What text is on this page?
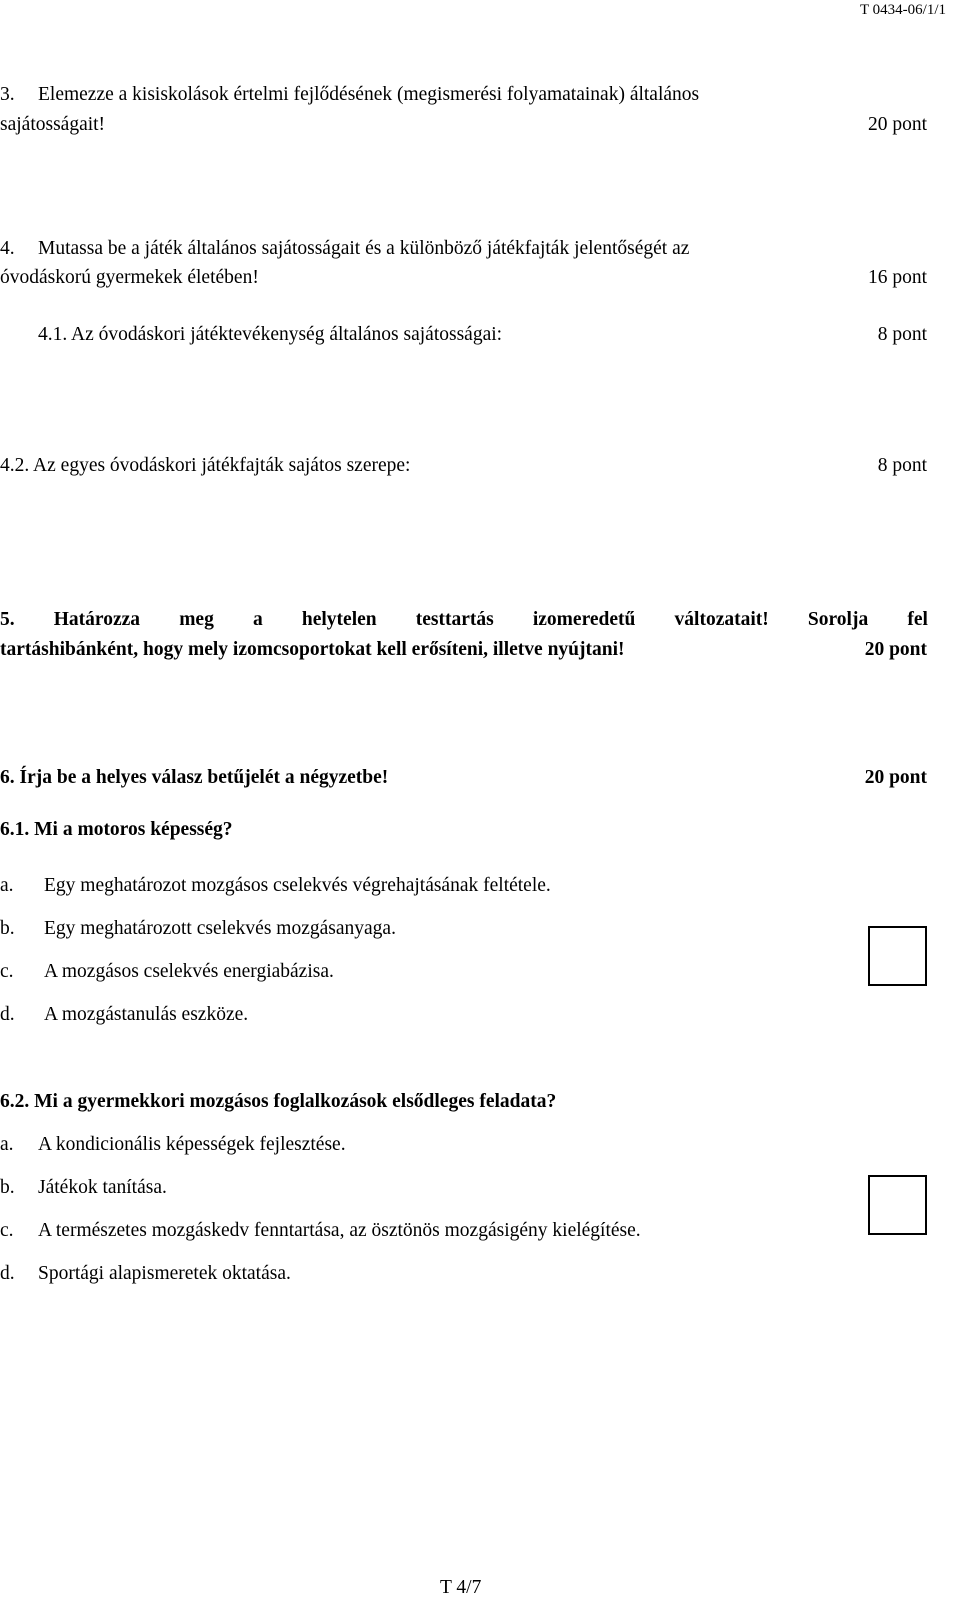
T 0434-06/1/1
3. Elemezze a kisiskolások értelmi fejlődésének (megismerési folyamatainak) általános
sajátosságait!	20 pont
4. Mutassa be a játék általános sajátosságait és a különböző játékfajták jelentőségét az
óvodáskorú gyermekek életében!	16 pont
4.1. Az óvodáskori játéktevékenység általános sajátosságai:	8 pont
4.2. Az egyes óvodáskori játékfajták sajátos szerepe:	8 pont
5. Határozza meg a helytelen testtartás izomeredetű változatait! Sorolja fel
tartáshibánként, hogy mely izomcsoportokat kell erősíteni, illetve nyújtani!	20 pont
6. Írja be a helyes válasz betűjelét a négyzetbe!	20 pont
6.1. Mi a motoros képesség?
a. Egy meghatározot mozgásos cselekvés végrehajtásának feltétele.
b. Egy meghatározott cselekvés mozgásanyaga.
c. A mozgásos cselekvés energiabázisa.
d. A mozgástanulás eszköze.
6.2. Mi a gyermekkori mozgásos foglalkozások elsődleges feladata?
a. A kondicionális képességek fejlesztése.
b. Játékok tanítása.
c. A természetes mozgáskedv fenntartása, az ösztönös mozgásigény kielégítése.
d. Sportági alapismeretek oktatása.
T 4/7
